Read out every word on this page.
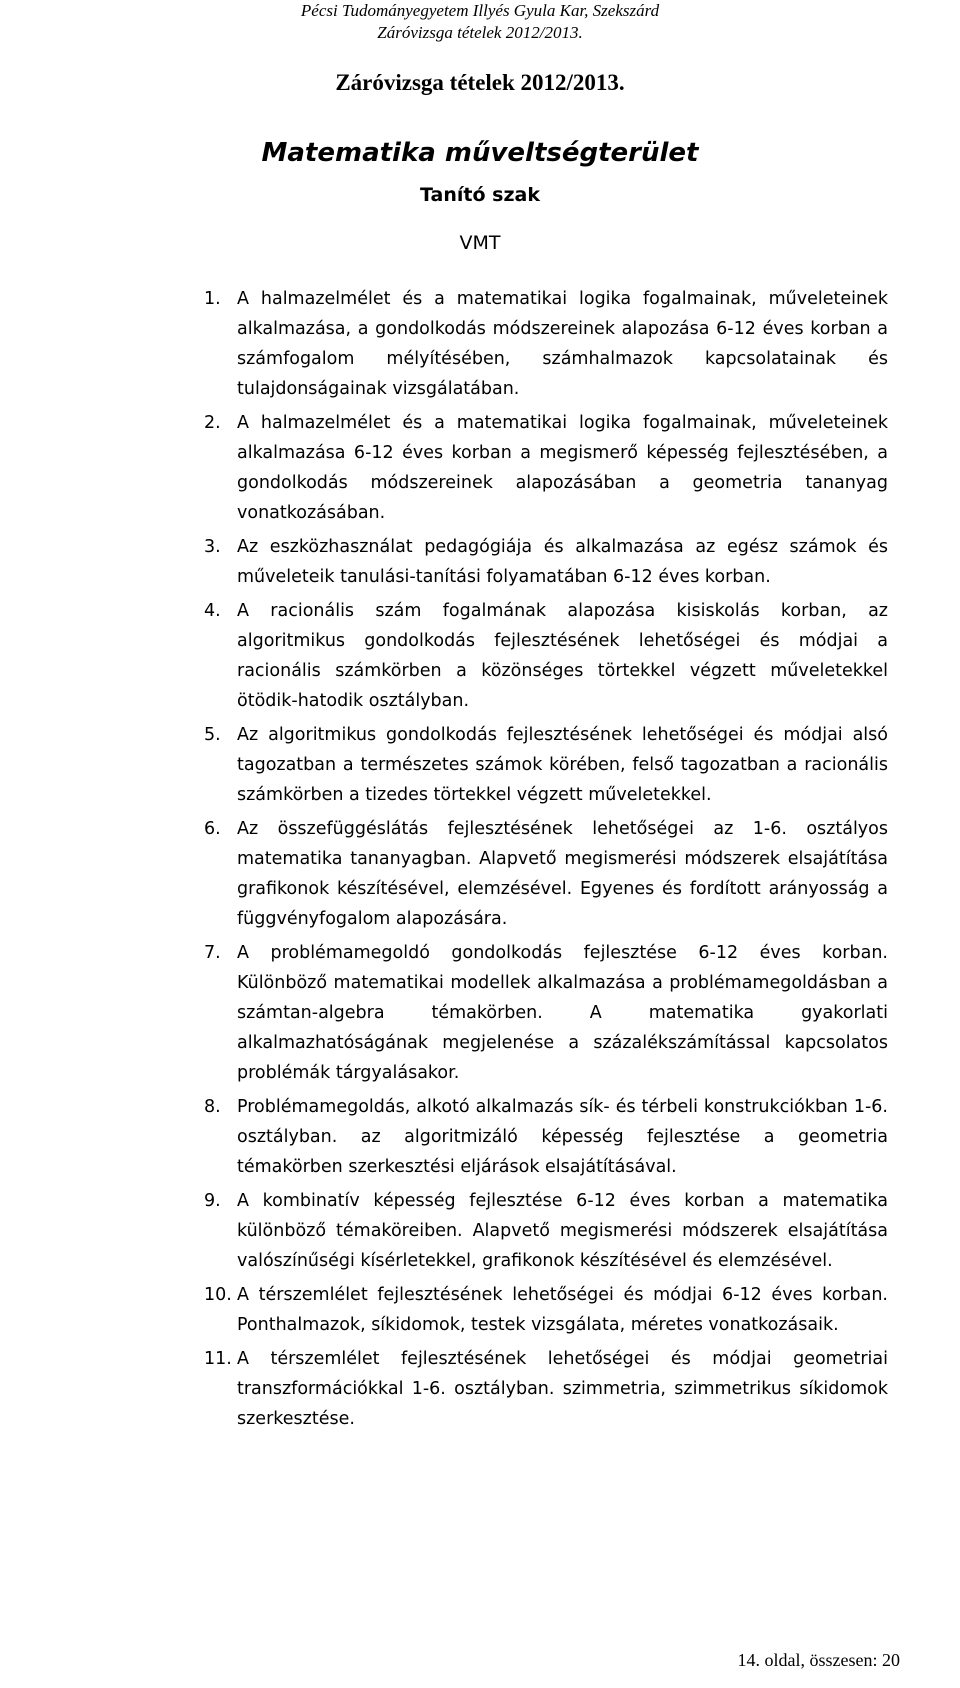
Pécsi Tudományegyetem Illyés Gyula Kar, Szekszárd
Záróvizsga tételek 2012/2013.
Záróvizsga tételek 2012/2013.
Matematika műveltségterület
Tanító szak
VMT
1. A halmazelmélet és a matematikai logika fogalmainak, műveleteinek alkalmazása, a gondolkodás módszereinek alapozása 6-12 éves korban a számfogalom mélyítésében, számhalmazok kapcsolatainak és tulajdonságainak vizsgálatában.
2. A halmazelmélet és a matematikai logika fogalmainak, műveleteinek alkalmazása 6-12 éves korban a megismerő képesség fejlesztésében, a gondolkodás módszereinek alapozásában a geometria tananyag vonatkozásában.
3. Az eszközhasználat pedagógiája és alkalmazása az egész számok és műveleteik tanulási-tanítási folyamatában 6-12 éves korban.
4. A racionális szám fogalmának alapozása kisiskolás korban, az algoritmikus gondolkodás fejlesztésének lehetőségei és módjai a racionális számkörben a közönséges törtekkel végzett műveletekkel ötödik-hatodik osztályban.
5. Az algoritmikus gondolkodás fejlesztésének lehetőségei és módjai alsó tagozatban a természetes számok körében, felső tagozatban a racionális számkörben a tizedes törtekkel végzett műveletekkel.
6. Az összefüggéslátás fejlesztésének lehetőségei az 1-6. osztályos matematika tananyagban. Alapvető megismerési módszerek elsajátítása grafikonok készítésével, elemzésével. Egyenes és fordított arányosság a függvényfogalom alapozására.
7. A problémamegoldó gondolkodás fejlesztése 6-12 éves korban. Különböző matematikai modellek alkalmazása a problémamegoldásban a számtan-algebra témakörben. A matematika gyakorlati alkalmazhatóságának megjelenése a százalékszámítással kapcsolatos problémák tárgyalásakor.
8. Problémamegoldás, alkotó alkalmazás sík- és térbeli konstrukciókban 1-6. osztályban. az algoritmizáló képesség fejlesztése a geometria témakörben szerkesztési eljárások elsajátításával.
9. A kombinatív képesség fejlesztése 6-12 éves korban a matematika különböző témaköreiben. Alapvető megismerési módszerek elsajátítása valószínűségi kísérletekkel, grafikonok készítésével és elemzésével.
10. A térszemlélet fejlesztésének lehetőségei és módjai 6-12 éves korban. Ponthalmazok, síkidomok, testek vizsgálata, méretes vonatkozásaik.
11. A térszemlélet fejlesztésének lehetőségei és módjai geometriai transzformációkkal 1-6. osztályban. szimmetria, szimmetrikus síkidomok szerkesztése.
14. oldal, összesen: 20
